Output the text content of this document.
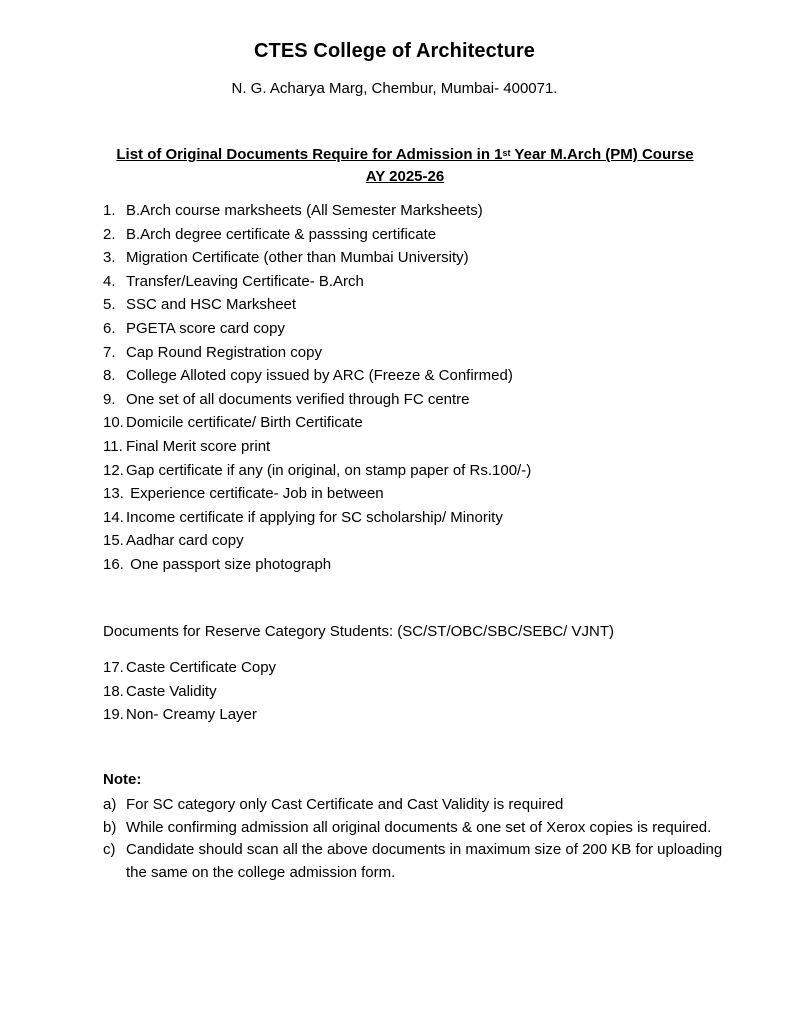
CTES College of Architecture
N. G. Acharya Marg, Chembur, Mumbai- 400071.
List of Original Documents Require for Admission in 1st Year M.Arch (PM) Course
AY 2025-26
1. B.Arch course marksheets (All Semester Marksheets)
2. B.Arch degree certificate & passsing certificate
3. Migration Certificate (other than Mumbai University)
4. Transfer/Leaving Certificate- B.Arch
5. SSC and HSC Marksheet
6. PGETA score card copy
7. Cap Round Registration copy
8. College Alloted copy issued by ARC (Freeze & Confirmed)
9. One set of all documents verified through FC centre
10. Domicile certificate/ Birth Certificate
11. Final Merit score print
12. Gap certificate if any (in original, on stamp paper of Rs.100/-)
13. Experience certificate- Job in between
14. Income certificate if applying for SC scholarship/ Minority
15. Aadhar card copy
16. One passport size photograph
Documents for Reserve Category Students: (SC/ST/OBC/SBC/SEBC/ VJNT)
17. Caste Certificate Copy
18. Caste Validity
19. Non- Creamy Layer
Note:
a) For SC category only Cast Certificate and Cast Validity is required
b) While confirming admission all original documents & one set of Xerox copies is required.
c) Candidate should scan all the above documents in maximum size of 200 KB for uploading the same on the college admission form.
